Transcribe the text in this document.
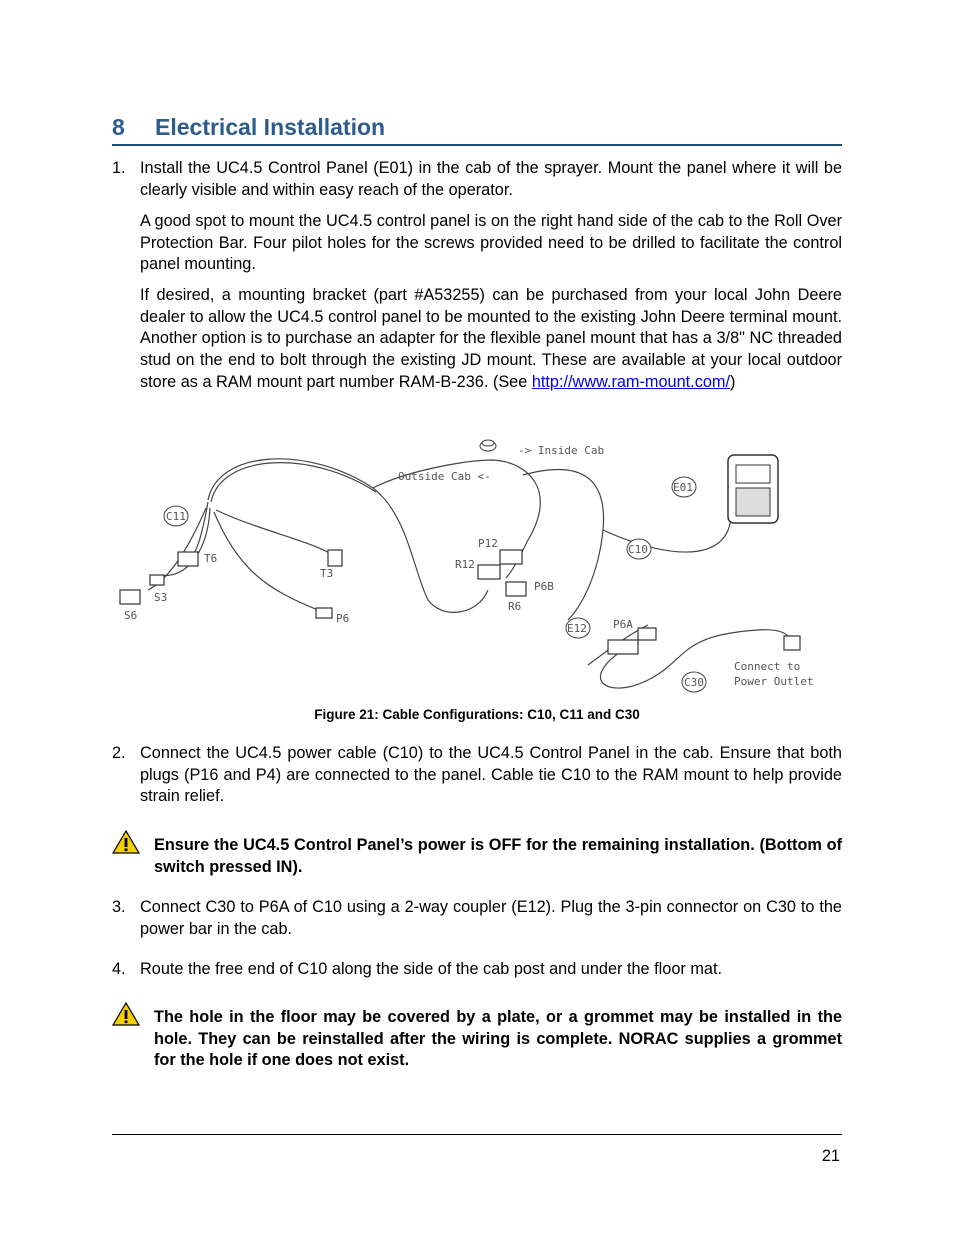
8 Electrical Installation
1. Install the UC4.5 Control Panel (E01) in the cab of the sprayer. Mount the panel where it will be clearly visible and within easy reach of the operator.
A good spot to mount the UC4.5 control panel is on the right hand side of the cab to the Roll Over Protection Bar. Four pilot holes for the screws provided need to be drilled to facilitate the control panel mounting.
If desired, a mounting bracket (part #A53255) can be purchased from your local John Deere dealer to allow the UC4.5 control panel to be mounted to the existing John Deere terminal mount. Another option is to purchase an adapter for the flexible panel mount that has a 3/8" NC threaded stud on the end to bolt through the existing JD mount. These are available at your local outdoor store as a RAM mount part number RAM-B-236. (See http://www.ram-mount.com/)
-> Inside Cab
Outside Cab <-
E01
C11
C10
C30
E12
T6
T3
S3
S6	P6
P12
R12
P6B
R6
P6A
Connect to
Power Outlet
Figure 21: Cable Configurations: C10, C11 and C30
2. Connect the UC4.5 power cable (C10) to the UC4.5 Control Panel in the cab. Ensure that both plugs (P16 and P4) are connected to the panel. Cable tie C10 to the RAM mount to help provide strain relief.
Ensure the UC4.5 Control Panel’s power is OFF for the remaining installation. (Bottom of switch pressed IN).
3. Connect C30 to P6A of C10 using a 2-way coupler (E12). Plug the 3-pin connector on C30 to the power bar in the cab.
4. Route the free end of C10 along the side of the cab post and under the floor mat.
The hole in the floor may be covered by a plate, or a grommet may be installed in the hole. They can be reinstalled after the wiring is complete. NORAC supplies a grommet for the hole if one does not exist.
21
